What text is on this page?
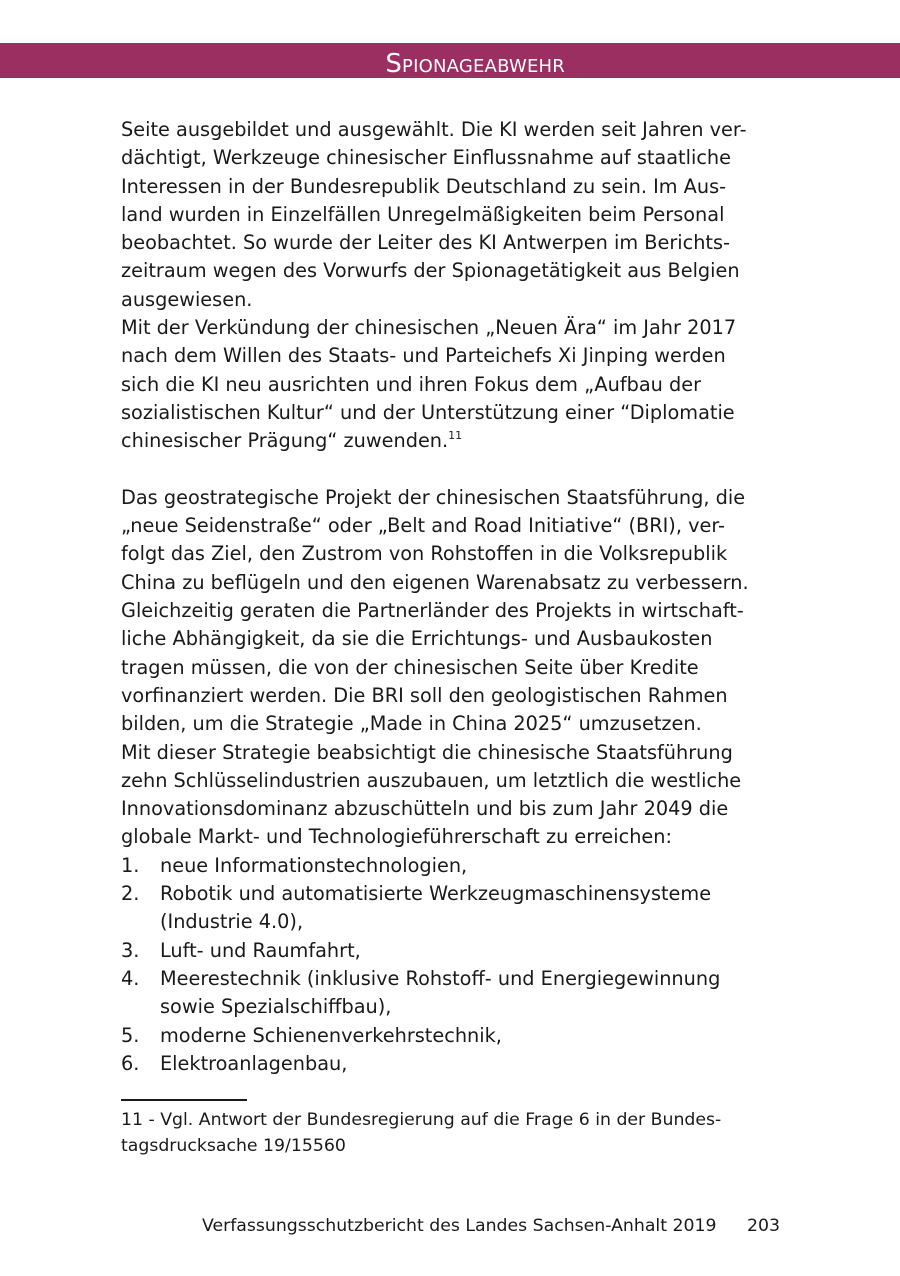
Spionageabwehr

Seite ausgebildet und ausgewählt. Die KI werden seit Jahren ver-
dächtigt, Werkzeuge chinesischer Einflussnahme auf staatliche
Interessen in der Bundesrepublik Deutschland zu sein. Im Aus-
land wurden in Einzelfällen Unregelmäßigkeiten beim Personal
beobachtet. So wurde der Leiter des KI Antwerpen im Berichts-
zeitraum wegen des Vorwurfs der Spionagetätigkeit aus Belgien
ausgewiesen.

Mit der Verkündung der chinesischen „Neuen Ära“ im Jahr 2017
nach dem Willen des Staats- und Parteichefs Xi Jinping werden
sich die KI neu ausrichten und ihren Fokus dem „Aufbau der
sozialistischen Kultur“ und der Unterstützung einer “Diplomatie
chinesischer Prägung“ zuwenden.$^{11}$

Das geostrategische Projekt der chinesischen Staatsführung, die
„neue Seidenstraße“ oder „Belt and Road Initiative“ (BRI), ver-
folgt das Ziel, den Zustrom von Rohstoffen in die Volksrepublik
China zu beflügeln und den eigenen Warenabsatz zu verbessern.
Gleichzeitig geraten die Partnerländer des Projekts in wirtschaft-
liche Abhängigkeit, da sie die Errichtungs- und Ausbaukosten
tragen müssen, die von der chinesischen Seite über Kredite
vorfinanziert werden. Die BRI soll den geologistischen Rahmen
bilden, um die Strategie „Made in China 2025“ umzusetzen.

Mit dieser Strategie beabsichtigt die chinesische Staatsführung
zehn Schlüsselindustrien auszubauen, um letztlich die westliche
Innovationsdominanz abzuschütteln und bis zum Jahr 2049 die
globale Markt- und Technologieführerschaft zu erreichen:

1. neue Informationstechnologien,
2. Robotik und automatisierte Werkzeugmaschinensysteme
(Industrie 4.0),
3. Luft- und Raumfahrt,
4. Meerestechnik (inklusive Rohstoff- und Energiegewinnung
sowie Spezialschiffbau),
5. moderne Schienenverkehrstechnik,
6. Elektroanlagenbau,
11 - Vgl. Antwort der Bundesregierung auf die Frage 6 in der Bundes-
tagsdrucksache 19/15560
Verfassungsschutzbericht des Landes Sachsen-Anhalt 2019 203
